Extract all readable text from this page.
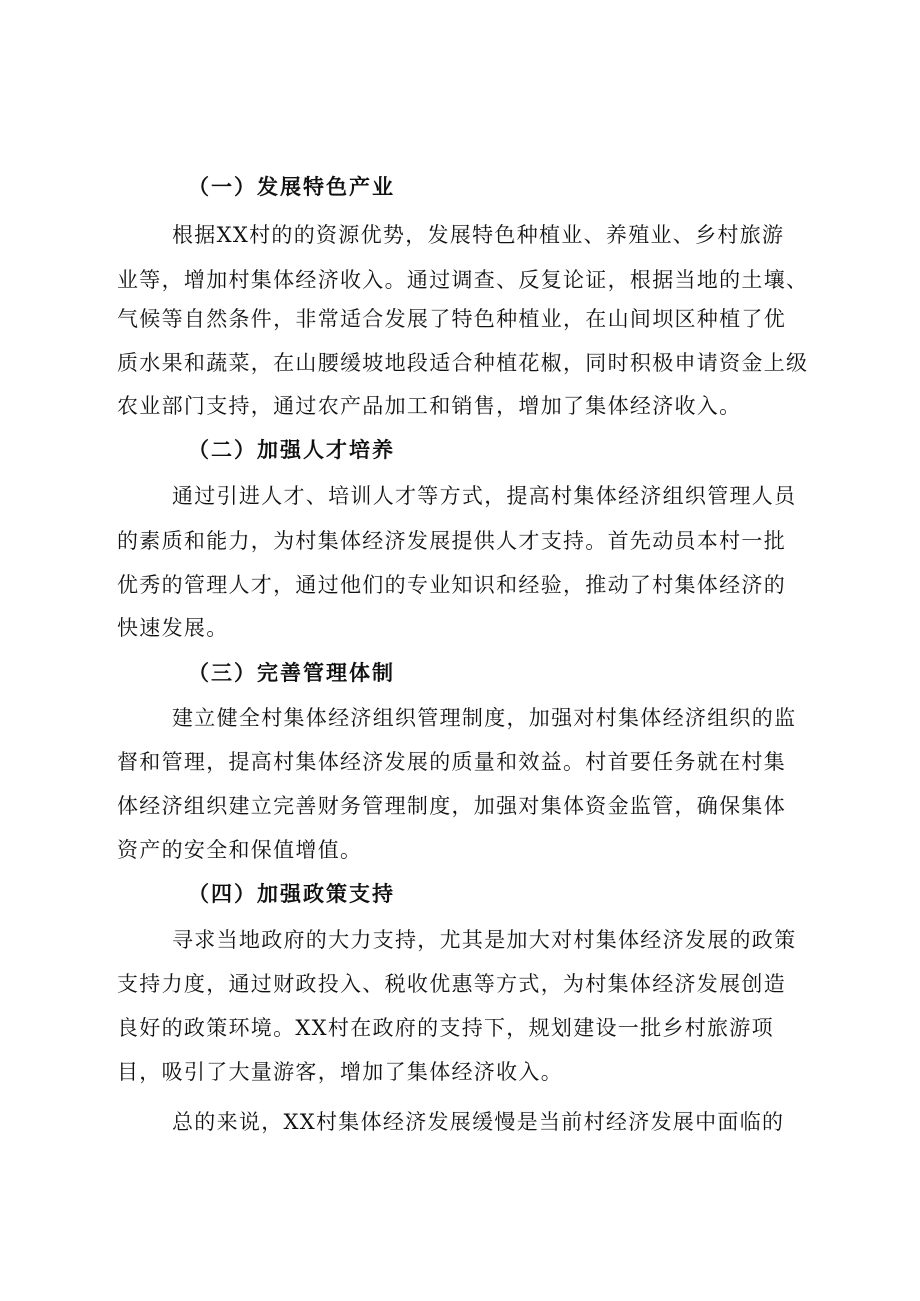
（一）发展特色产业
根据XX村的的资源优势，发展特色种植业、养殖业、乡村旅游
业等，增加村集体经济收入。通过调查、反复论证，根据当地的土壤、
气候等自然条件，非常适合发展了特色种植业，在山间坝区种植了优
质水果和蔬菜，在山腰缓坡地段适合种植花椒，同时积极申请资金上级
农业部门支持，通过农产品加工和销售，增加了集体经济收入。
（二）加强人才培养
通过引进人才、培训人才等方式，提高村集体经济组织管理人员
的素质和能力，为村集体经济发展提供人才支持。首先动员本村一批
优秀的管理人才，通过他们的专业知识和经验，推动了村集体经济的
快速发展。
（三）完善管理体制
建立健全村集体经济组织管理制度，加强对村集体经济组织的监
督和管理，提高村集体经济发展的质量和效益。村首要任务就在村集
体经济组织建立完善财务管理制度，加强对集体资金监管，确保集体
资产的安全和保值增值。
（四）加强政策支持
寻求当地政府的大力支持，尤其是加大对村集体经济发展的政策
支持力度，通过财政投入、税收优惠等方式，为村集体经济发展创造
良好的政策环境。XX村在政府的支持下，规划建设一批乡村旅游项
目，吸引了大量游客，增加了集体经济收入。
总的来说，XX村集体经济发展缓慢是当前村经济发展中面临的
